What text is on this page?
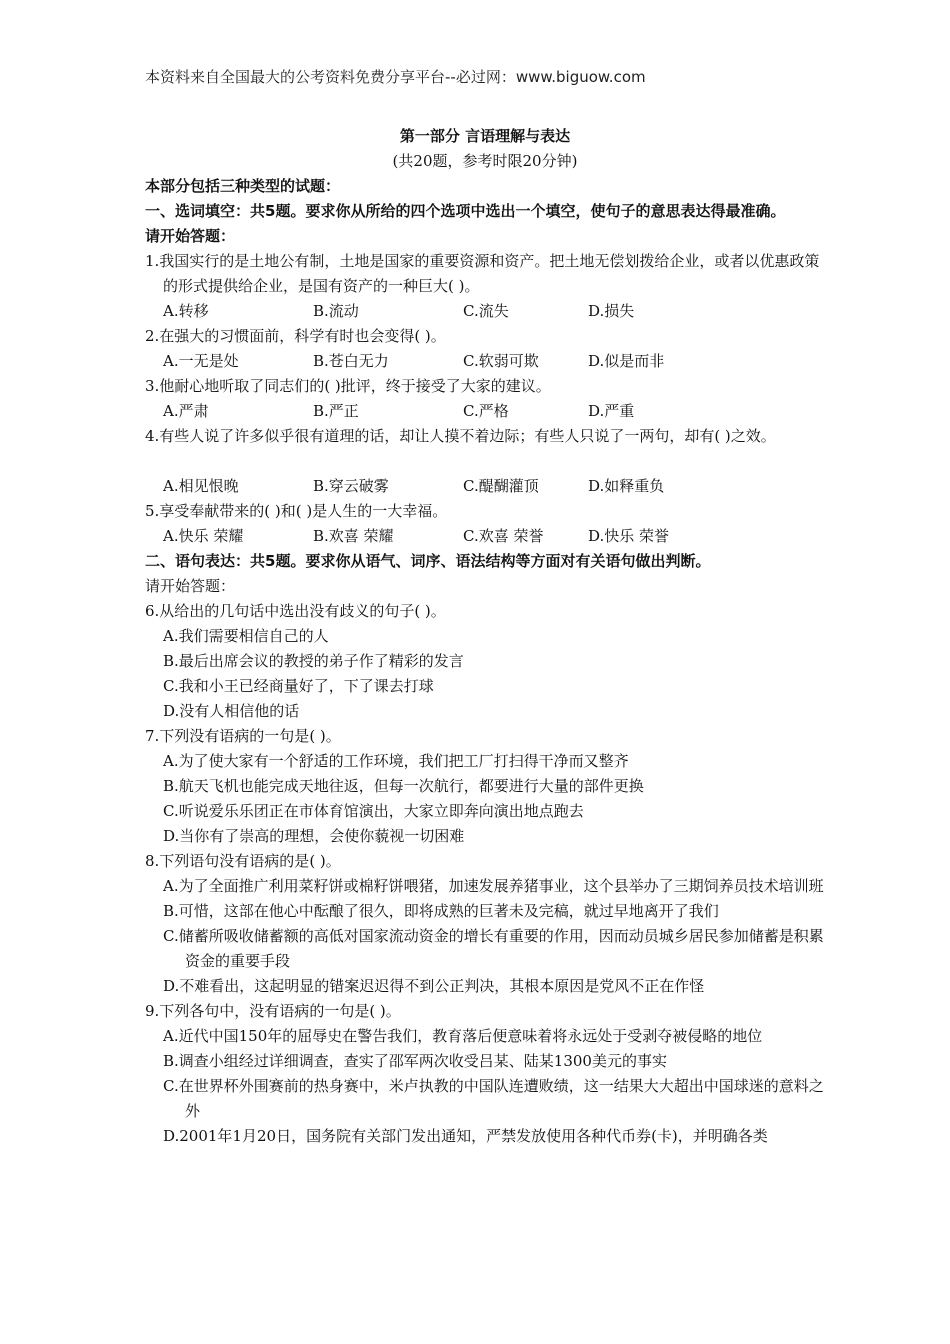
本资料来自全国最大的公考资料免费分享平台--必过网：www.biguow.com
第一部分 言语理解与表达
(共20题，参考时限20分钟)
本部分包括三种类型的试题：
一、选词填空：共5题。要求你从所给的四个选项中选出一个填空，使句子的意思表达得最准确。
请开始答题：
1.我国实行的是土地公有制，土地是国家的重要资源和资产。把土地无偿划拨给企业，或者以优惠政策的形式提供给企业，是国有资产的一种巨大( )。
A.转移	B.流动	C.流失	D.损失
2.在强大的习惯面前，科学有时也会变得( )。
A.一无是处	B.苍白无力	C.软弱可欺	D.似是而非
3.他耐心地听取了同志们的( )批评，终于接受了大家的建议。
A.严肃	B.严正	C.严格	D.严重
4.有些人说了许多似乎很有道理的话，却让人摸不着边际；有些人只说了一两句，却有( )之效。
A.相见恨晚	B.穿云破雾	C.醍醐灌顶	D.如释重负
5.享受奉献带来的( )和( )是人生的一大幸福。
A.快乐 荣耀	B.欢喜 荣耀	C.欢喜 荣誉	D.快乐 荣誉
二、语句表达：共5题。要求你从语气、词序、语法结构等方面对有关语句做出判断。
请开始答题：
6.从给出的几句话中选出没有歧义的句子( )。
A.我们需要相信自己的人
B.最后出席会议的教授的弟子作了精彩的发言
C.我和小王已经商量好了，下了课去打球
D.没有人相信他的话
7.下列没有语病的一句是( )。
A.为了使大家有一个舒适的工作环境，我们把工厂打扫得干净而又整齐
B.航天飞机也能完成天地往返，但每一次航行，都要进行大量的部件更换
C.听说爱乐乐团正在市体育馆演出，大家立即奔向演出地点跑去
D.当你有了崇高的理想，会使你藐视一切困难
8.下列语句没有语病的是( )。
A.为了全面推广利用菜籽饼或棉籽饼喂猪，加速发展养猪事业，这个县举办了三期饲养员技术培训班
B.可惜，这部在他心中酝酿了很久，即将成熟的巨著未及完稿，就过早地离开了我们
C.储蓄所吸收储蓄额的高低对国家流动资金的增长有重要的作用，因而动员城乡居民参加储蓄是积累资金的重要手段
D.不难看出，这起明显的错案迟迟得不到公正判决，其根本原因是党风不正在作怪
9.下列各句中，没有语病的一句是( )。
A.近代中国150年的屈辱史在警告我们，教育落后便意味着将永远处于受剥夺被侵略的地位
B.调查小组经过详细调查，查实了邵军两次收受吕某、陆某1300美元的事实
C.在世界杯外围赛前的热身赛中，米卢执教的中国队连遭败绩，这一结果大大超出中国球迷的意料之外
D.2001年1月20日，国务院有关部门发出通知，严禁发放使用各种代币券(卡)，并明确各类
